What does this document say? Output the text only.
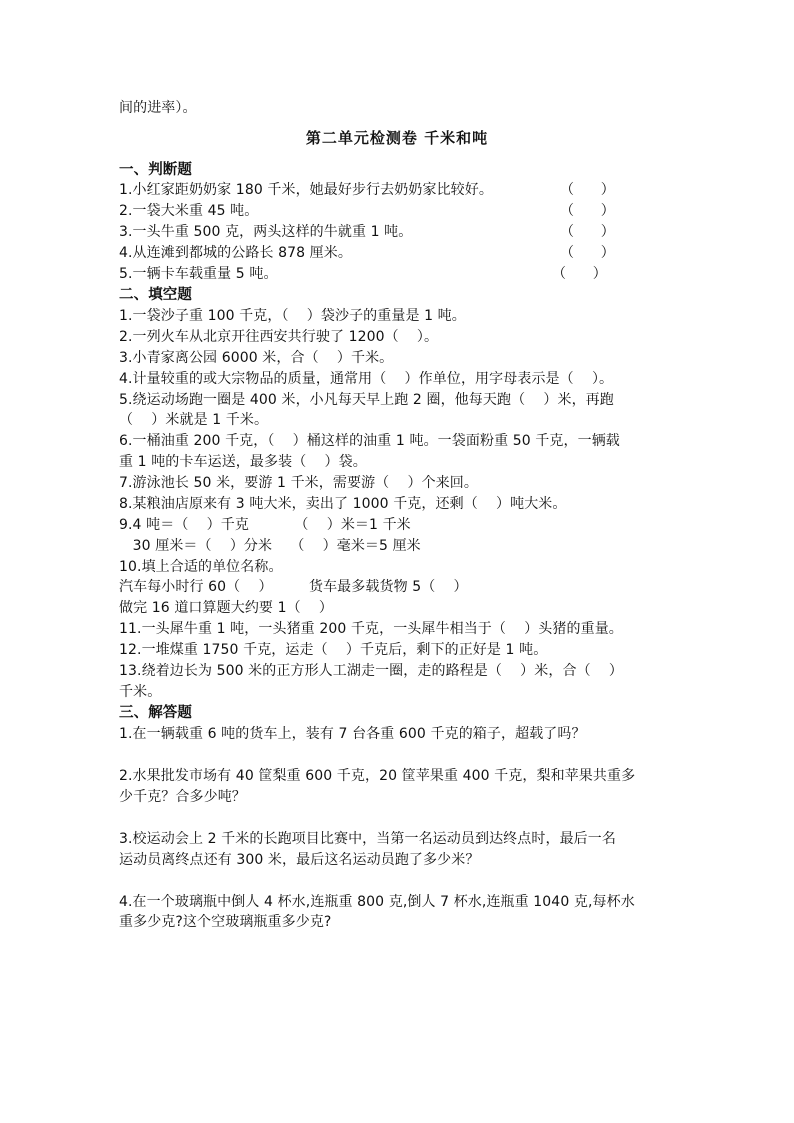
间的进率）。
第二单元检测卷 千米和吨
一、判断题
1.小红家距奶奶家 180 千米，她最好步行去奶奶家比较好。	（      ）
2.一袋大米重 45 吨。	（      ）
3.一头牛重 500 克，两头这样的牛就重 1 吨。	（      ）
4.从连滩到都城的公路长 878 厘米。	（      ）
5.一辆卡车载重量 5 吨。	（      ）
二、填空题
1.一袋沙子重 100 千克，（    ）袋沙子的重量是 1 吨。
2.一列火车从北京开往西安共行驶了 1200（    ）。
3.小青家离公园 6000 米，合（    ）千米。
4.计量较重的或大宗物品的质量，通常用（    ）作单位，用字母表示是（    ）。
5.绕运动场跑一圈是 400 米，小凡每天早上跑 2 圈，他每天跑（    ）米，再跑
（    ）米就是 1 千米。
6.一桶油重 200 千克，（    ）桶这样的油重 1 吨。一袋面粉重 50 千克，一辆载
重 1 吨的卡车运送，最多装（    ）袋。
7.游泳池长 50 米，要游 1 千米，需要游（    ）个来回。
8.某粮油店原来有 3 吨大米，卖出了 1000 千克，还剩（    ）吨大米。
9.4 吨＝（    ）千克          （    ）米＝1 千米
30 厘米＝（    ）分米    （    ）毫米＝5 厘米
10.填上合适的单位名称。
汽车每小时行 60（    ）        货车最多载货物 5（    ）
做完 16 道口算题大约要 1（    ）
11.一头犀牛重 1 吨，一头猪重 200 千克，一头犀牛相当于（    ）头猪的重量。
12.一堆煤重 1750 千克，运走（    ）千克后，剩下的正好是 1 吨。
13.绕着边长为 500 米的正方形人工湖走一圈，走的路程是（    ）米，合（    ）
千米。
三、解答题
1.在一辆载重 6 吨的货车上，装有 7 台各重 600 千克的箱子，超载了吗？
2.水果批发市场有 40 筐梨重 600 千克，20 筐苹果重 400 千克，梨和苹果共重多
少千克？合多少吨？
3.校运动会上 2 千米的长跑项目比赛中，当第一名运动员到达终点时，最后一名
运动员离终点还有 300 米，最后这名运动员跑了多少米？
4.在一个玻璃瓶中倒人 4 杯水,连瓶重 800 克,倒人 7 杯水,连瓶重 1040 克,每杯水
重多少克?这个空玻璃瓶重多少克?
